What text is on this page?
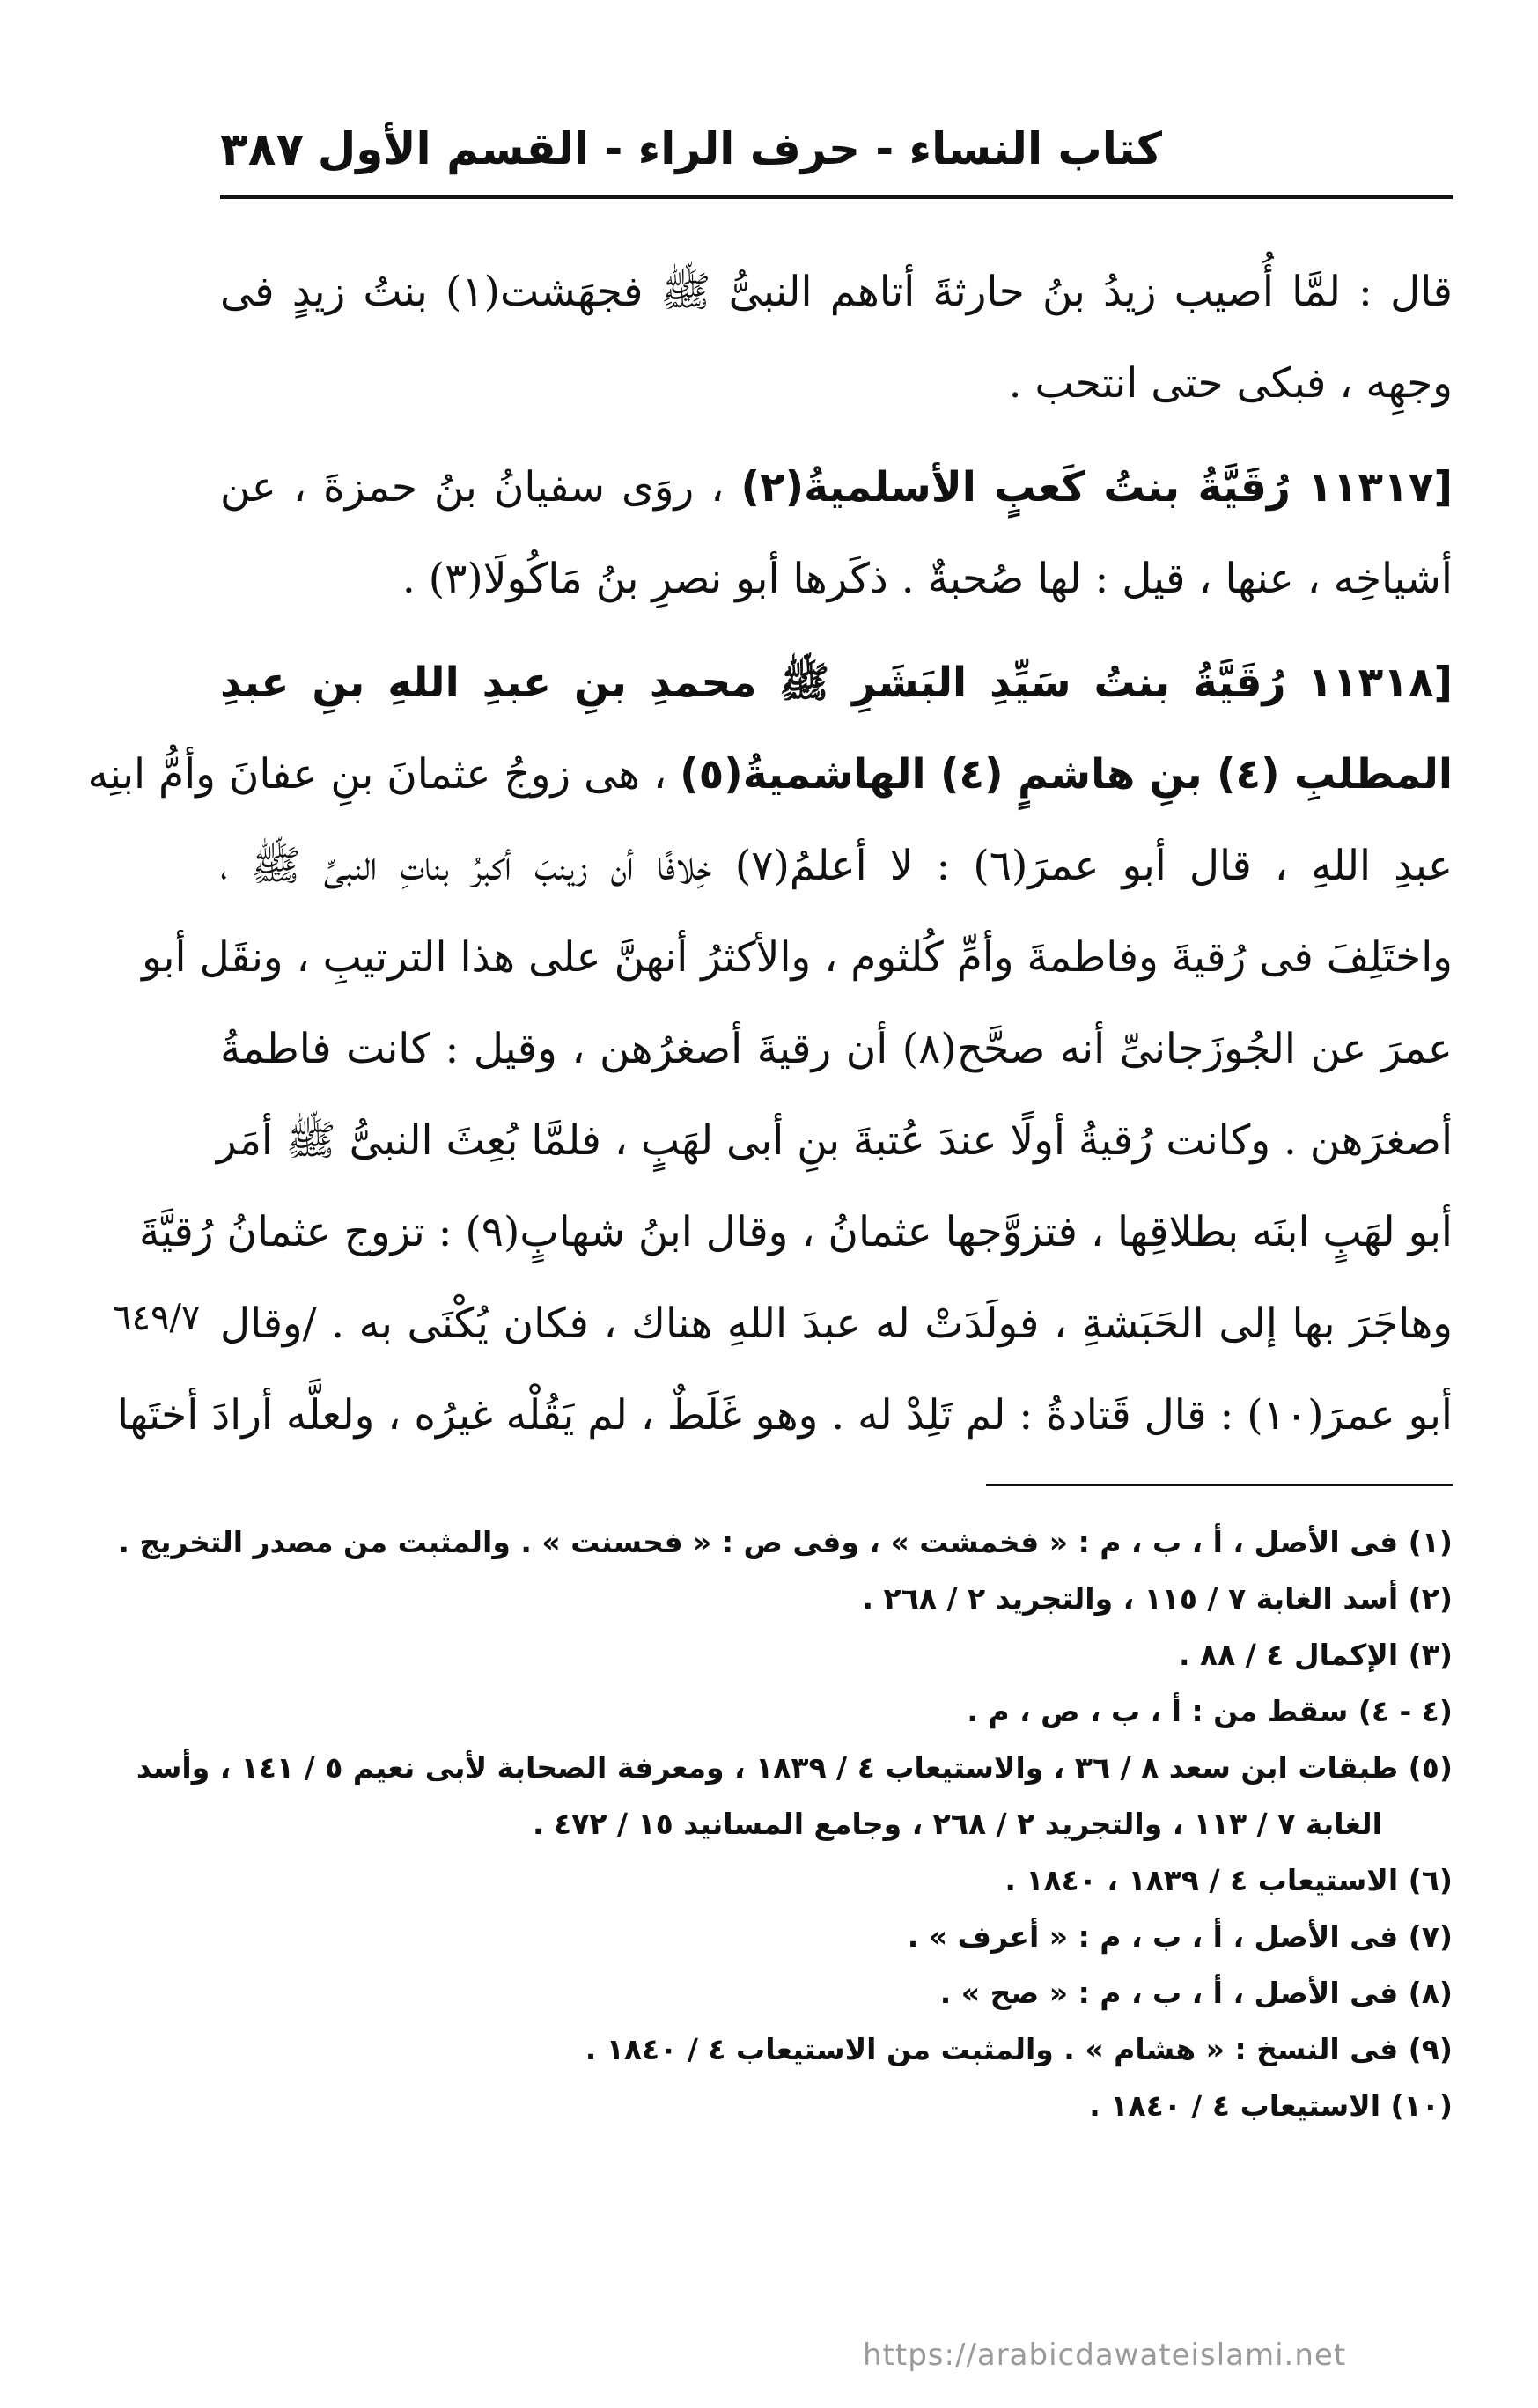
كتاب النساء - حرف الراء - القسم الأول
٣٨٧
قال : لمَّا أُصيب زيدُ بنُ حارثةَ أتاهم النبىُّ ﷺ فجهَشت(١) بنتُ زيدٍ فى
وجهِه ، فبكى حتى انتحب .
[١١٣١٧ رُقَيَّةُ بنتُ كَعبٍ الأسلميةُ(٢) ، روَى سفيانُ بنُ حمزةَ ، عن
أشياخِه ، عنها ، قيل : لها صُحبةٌ . ذكَرها أبو نصرِ بنُ مَاكُولَا(٣) .
[١١٣١٨ رُقَيَّةُ بنتُ سَيِّدِ البَشَرِ ﷺ محمدِ بنِ عبدِ اللهِ بنِ عبدِ
المطلبِ (٤) بنِ هاشمٍ (٤) الهاشميةُ(٥) ، هى زوجُ عثمانَ بنِ عفانَ وأمُّ ابنِه
عبدِ اللهِ ، قال أبو عمرَ(٦) : لا أعلمُ(٧) خِلافًا أن زينبَ أكبرُ بناتِ النبىِّ ﷺ ،
واختَلِفَ فى رُقيةَ وفاطمةَ وأمِّ كُلثوم ، والأكثرُ أنهنَّ على هذا الترتيبِ ، ونقَل أبو
عمرَ عن الجُوزَجانىِّ أنه صحَّح(٨) أن رقيةَ أصغرُهن ، وقيل : كانت فاطمةُ
أصغرَهن . وكانت رُقيةُ أولًا عندَ عُتبةَ بنِ أبى لهَبٍ ، فلمَّا بُعِثَ النبىُّ ﷺ أمَر
أبو لهَبٍ ابنَه بطلاقِها ، فتزوَّجها عثمانُ ، وقال ابنُ شهابٍ(٩) : تزوج عثمانُ رُقيَّةَ
وهاجَرَ بها إلى الحَبَشةِ ، فولَدَتْ له عبدَ اللهِ هناك ، فكان يُكْنَى به . /وقال
أبو عمرَ(١٠) : قال قَتادةُ : لم تَلِدْ له . وهو غَلَطٌ ، لم يَقُلْه غيرُه ، ولعلَّه أرادَ أختَها
٦٤٩/٧
(١) فى الأصل ، أ ، ب ، م : « فخمشت » ، وفى ص : « فحسنت » . والمثبت من مصدر التخريج .
(٢) أسد الغابة ٧ / ١١٥ ، والتجريد ٢ / ٢٦٨ .
(٣) الإكمال ٤ / ٨٨ .
(٤ - ٤) سقط من : أ ، ب ، ص ، م .
(٥) طبقات ابن سعد ٨ / ٣٦ ، والاستيعاب ٤ / ١٨٣٩ ، ومعرفة الصحابة لأبى نعيم ٥ / ١٤١ ، وأسد
الغابة ٧ / ١١٣ ، والتجريد ٢ / ٢٦٨ ، وجامع المسانيد ١٥ / ٤٧٢ .
(٦) الاستيعاب ٤ / ١٨٣٩ ، ١٨٤٠ .
(٧) فى الأصل ، أ ، ب ، م : « أعرف » .
(٨) فى الأصل ، أ ، ب ، م : « صح » .
(٩) فى النسخ : « هشام » . والمثبت من الاستيعاب ٤ / ١٨٤٠ .
(١٠) الاستيعاب ٤ / ١٨٤٠ .
https://arabicdawateislami.net
